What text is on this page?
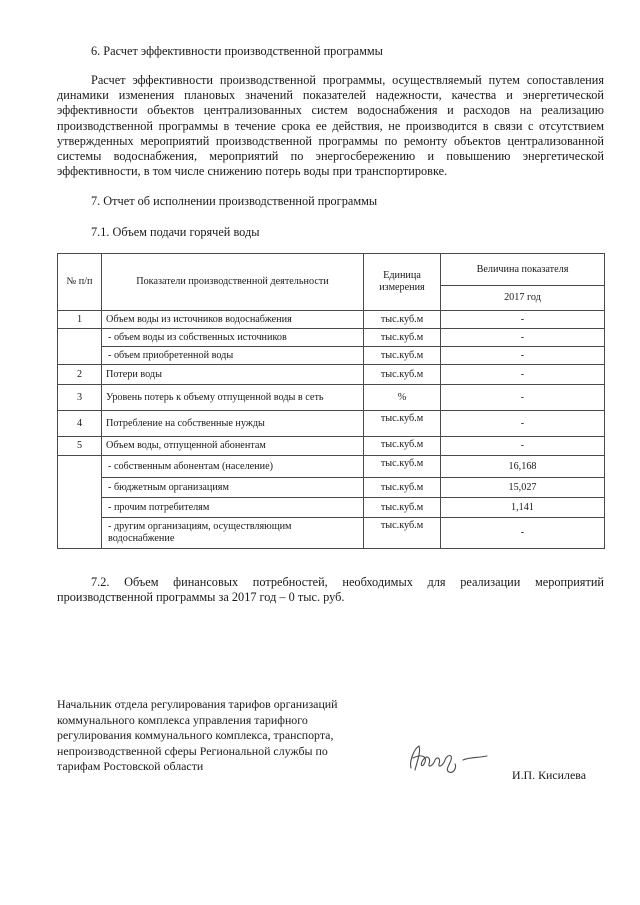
6. Расчет эффективности производственной программы
Расчет эффективности производственной программы, осуществляемый путем сопоставления динамики изменения плановых значений показателей надежности, качества и энергетической эффективности объектов централизованных систем водоснабжения и расходов на реализацию производственной программы в течение срока ее действия, не производится в связи с отсутствием утвержденных мероприятий производственной программы по ремонту объектов централизованной системы водоснабжения, мероприятий по энергосбережению и повышению энергетической эффективности, в том числе снижению потерь воды при транспортировке.
7. Отчет об исполнении производственной программы
7.1. Объем подачи горячей воды
№ п/п	Показатели производственной деятельности	Единица измерения	Величина показателя
			2017 год
1	Объем воды из источников водоснабжения	тыс.куб.м	-
	- объем воды из собственных источников	тыс.куб.м	-
	- объем приобретенной воды	тыс.куб.м	-
2	Потери воды	тыс.куб.м	-
3	Уровень потерь к объему отпущенной воды в сеть	%	-
4	Потребление на собственные нужды	тыс.куб.м	-
5	Объем воды, отпущенной абонентам	тыс.куб.м	-
	- собственным абонентам (население)	тыс.куб.м	16,168
	- бюджетным организациям	тыс.куб.м	15,027
	- прочим потребителям	тыс.куб.м	1,141
	- другим организациям, осуществляющим водоснабжение	тыс.куб.м	-
7.2. Объем финансовых потребностей, необходимых для реализации мероприятий производственной программы за 2017 год – 0 тыс. руб.
Начальник отдела регулирования тарифов организаций
коммунального комплекса управления тарифного
регулирования коммунального комплекса, транспорта,
непроизводственной сферы Региональной службы по
тарифам Ростовской области
И.П. Кисилева
